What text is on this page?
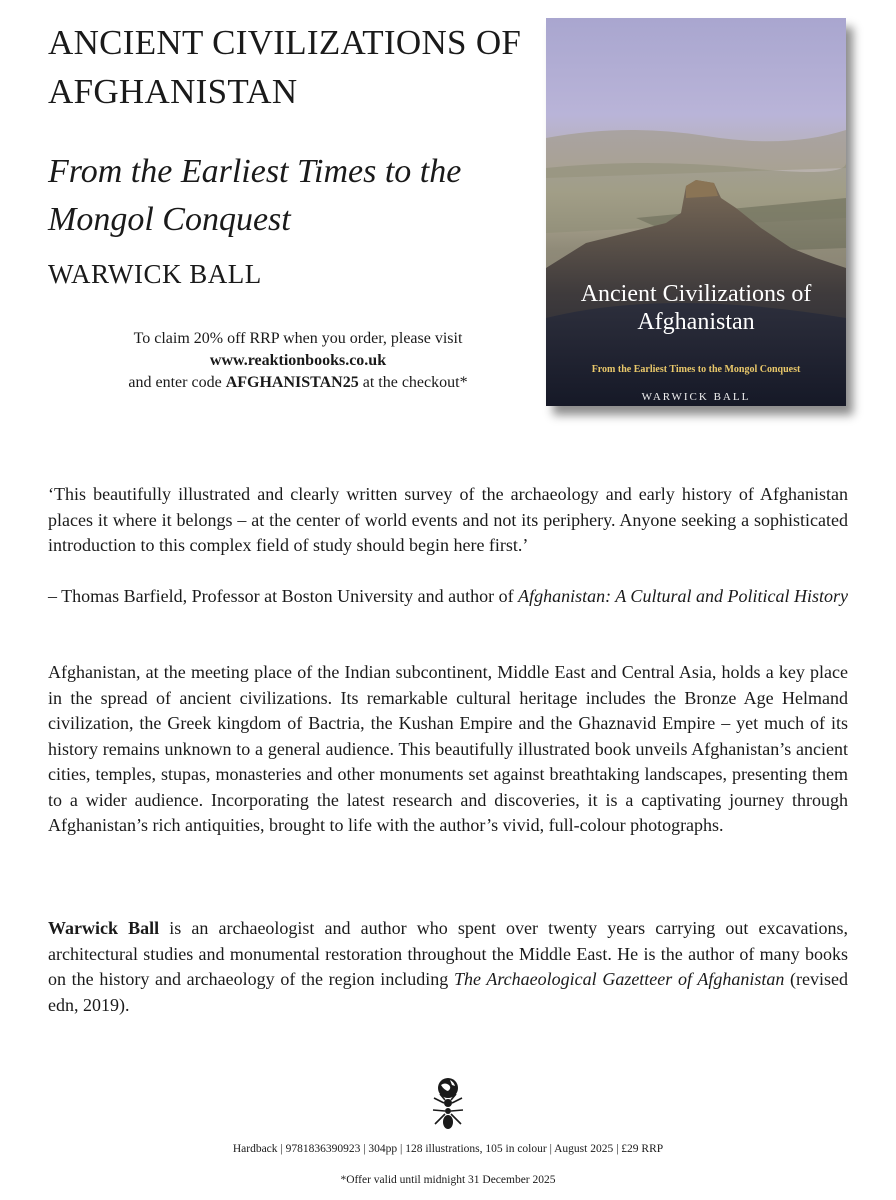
ANCIENT CIVILIZATIONS OF AFGHANISTAN
From the Earliest Times to the Mongol Conquest
WARWICK BALL
To claim 20% off RRP when you order, please visit
www.reaktionbooks.co.uk
and enter code AFGHANISTAN25 at the checkout*
Ancient Civilizations of Afghanistan
From the Earliest Times to the Mongol Conquest
WARWICK BALL

‘This beautifully illustrated and clearly written survey of the archaeology and early history of Afghanistan places it where it belongs – at the center of world events and not its periphery. Anyone seeking a sophisticated introduction to this complex field of study should begin here first.’

– Thomas Barfield, Professor at Boston University and author of Afghanistan: A Cultural and Political History

Afghanistan, at the meeting place of the Indian subcontinent, Middle East and Central Asia, holds a key place in the spread of ancient civilizations. Its remarkable cultural heritage includes the Bronze Age Helmand civilization, the Greek kingdom of Bactria, the Kushan Empire and the Ghaznavid Empire – yet much of its history remains unknown to a general audience. This beautifully illustrated book unveils Afghanistan’s ancient cities, temples, stupas, monasteries and other monuments set against breathtaking landscapes, presenting them to a wider audience. Incorporating the latest research and discoveries, it is a captivating journey through Afghanistan’s rich antiquities, brought to life with the author’s vivid, full-colour photographs.

Warwick Ball is an archaeologist and author who spent over twenty years carrying out excavations, architectural studies and monumental restoration throughout the Middle East. He is the author of many books on the history and archaeology of the region including The Archaeological Gazetteer of Afghanistan (revised edn, 2019).

Hardback | 9781836390923 | 304pp | 128 illustrations, 105 in colour | August 2025 | £29 RRP
*Offer valid until midnight 31 December 2025
